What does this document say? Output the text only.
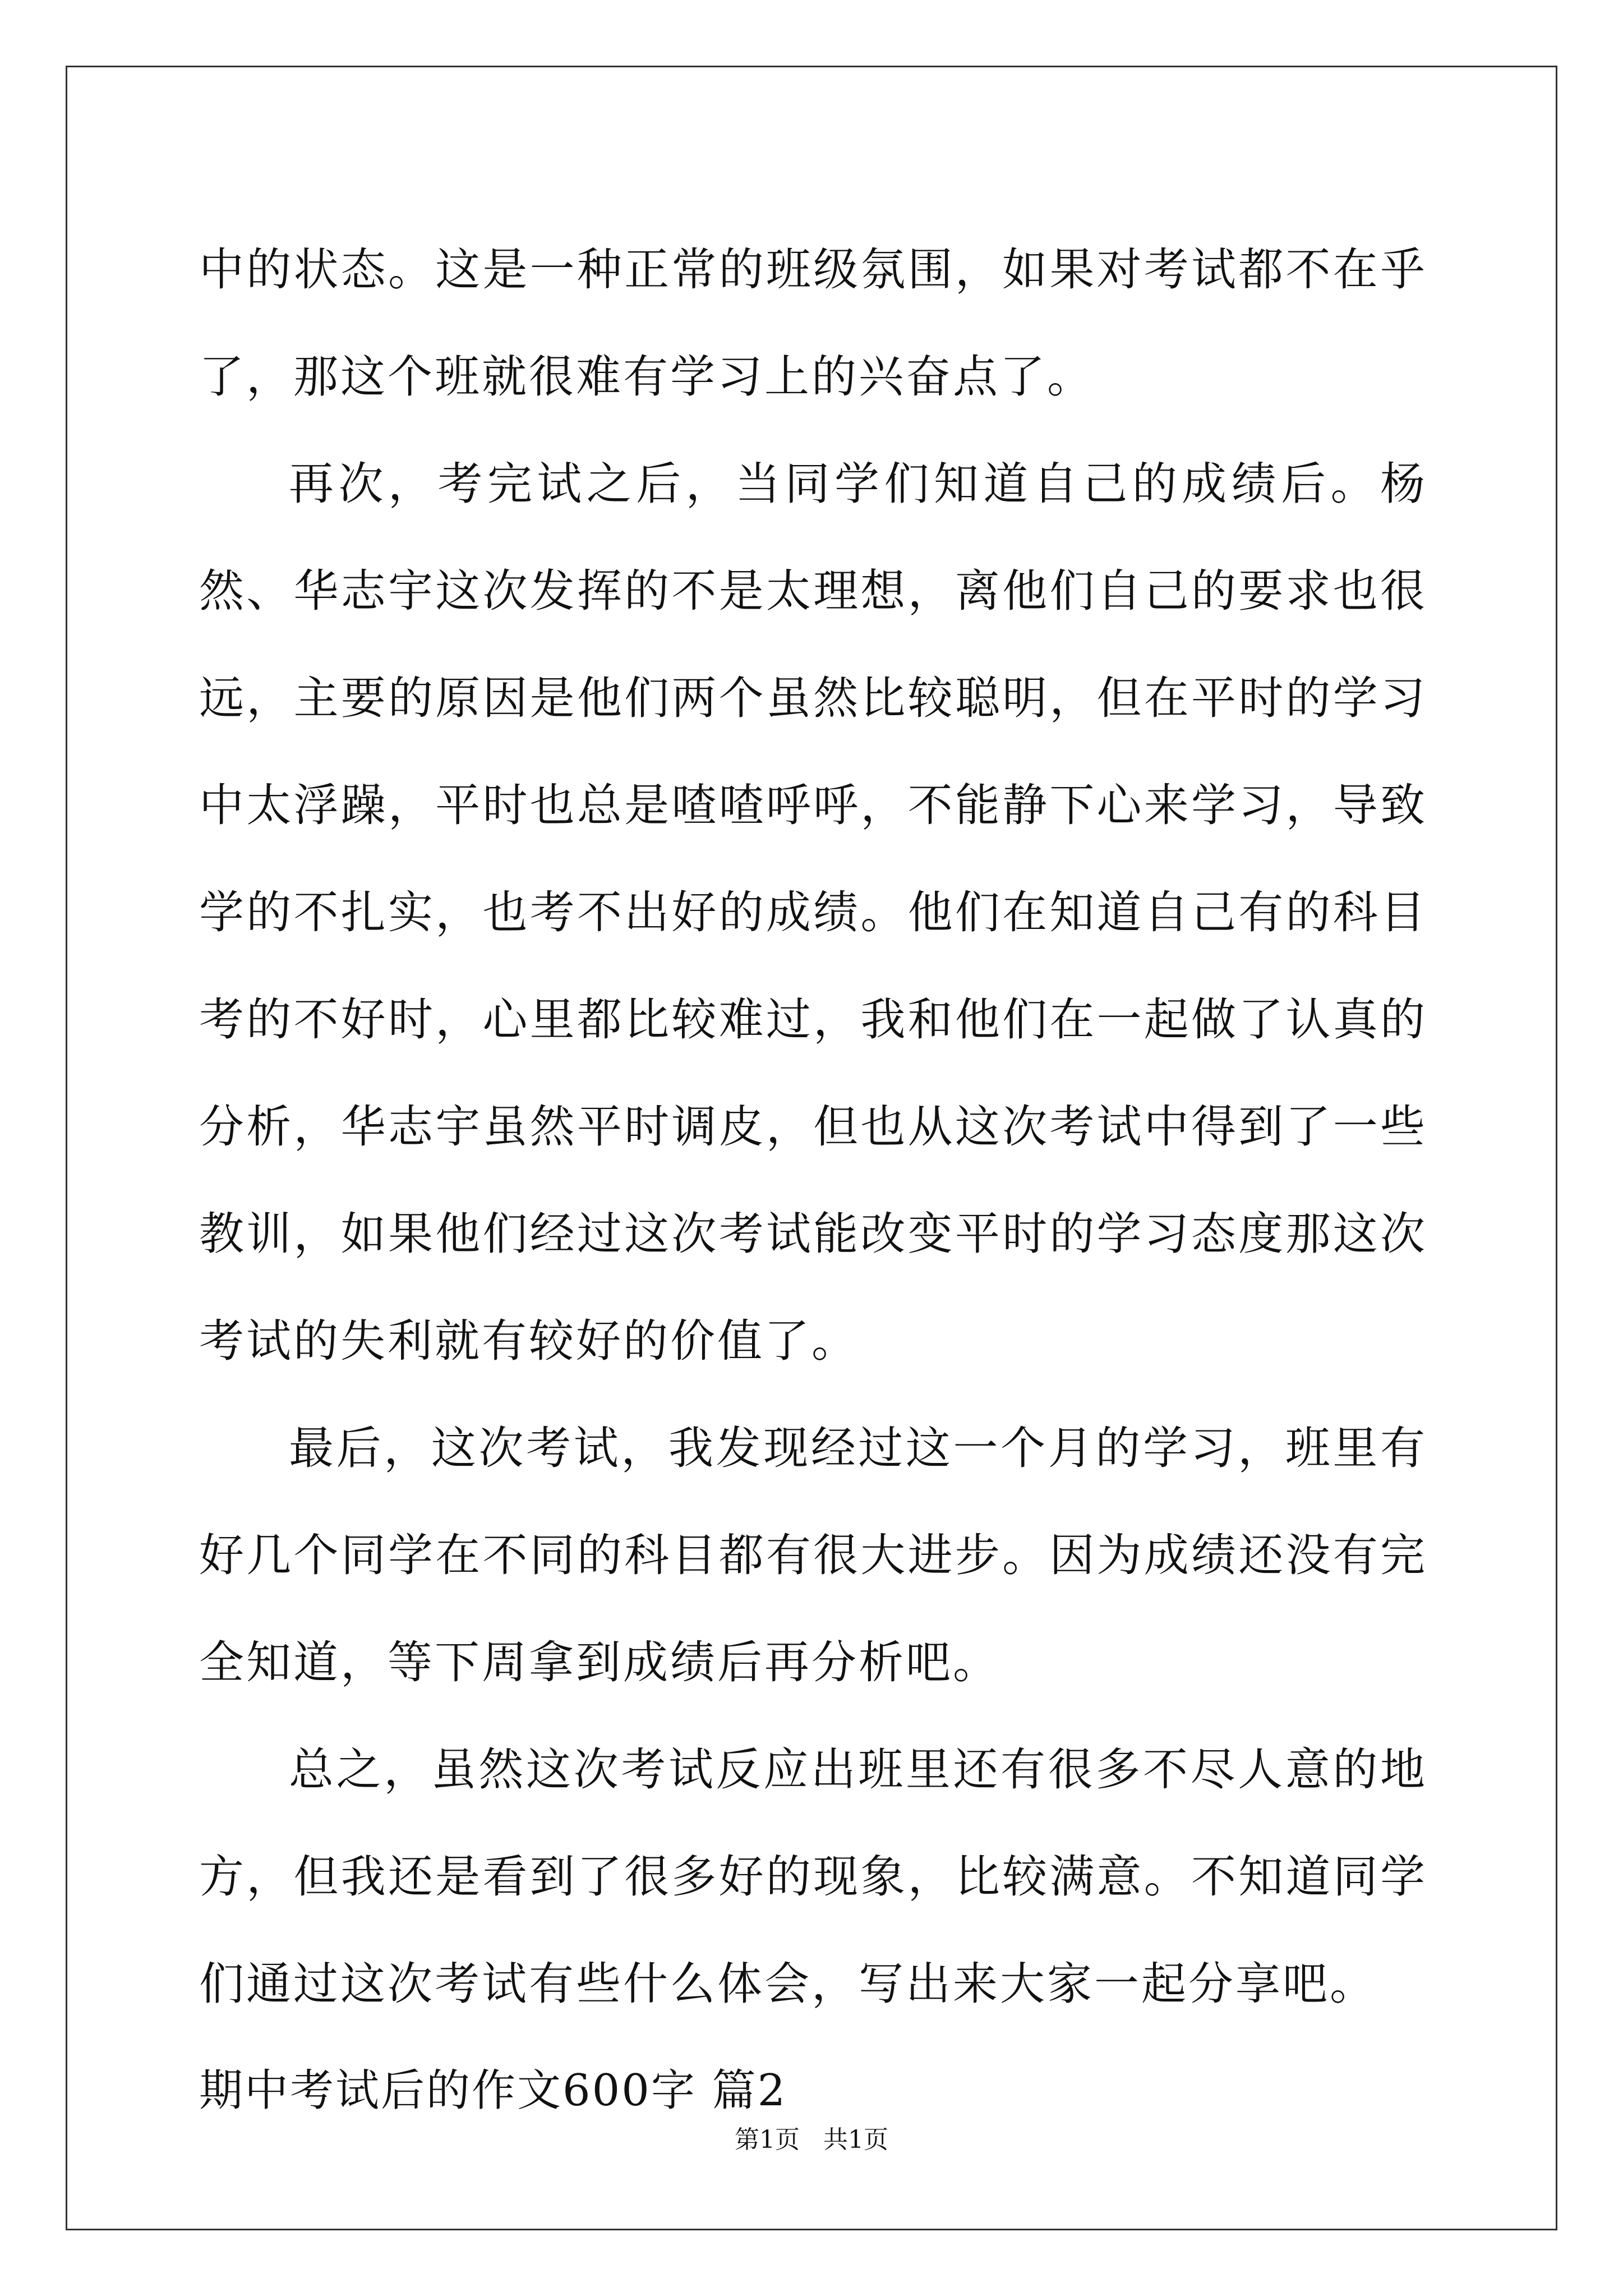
中的状态。这是一种正常的班级氛围，如果对考试都不在乎了，那这个班就很难有学习上的兴奋点了。

再次，考完试之后，当同学们知道自己的成绩后。杨然、华志宇这次发挥的不是太理想，离他们自己的要求也很远，主要的原因是他们两个虽然比较聪明，但在平时的学习中太浮躁，平时也总是喳喳呼呼，不能静下心来学习，导致学的不扎实，也考不出好的成绩。他们在知道自己有的科目考的不好时，心里都比较难过，我和他们在一起做了认真的分析，华志宇虽然平时调皮，但也从这次考试中得到了一些教训，如果他们经过这次考试能改变平时的学习态度那这次考试的失利就有较好的价值了。

最后，这次考试，我发现经过这一个月的学习，班里有好几个同学在不同的科目都有很大进步。因为成绩还没有完全知道，等下周拿到成绩后再分析吧。

总之，虽然这次考试反应出班里还有很多不尽人意的地方，但我还是看到了很多好的现象，比较满意。不知道同学们通过这次考试有些什么体会，写出来大家一起分享吧。

期中考试后的作文600字 篇2

第1页 共1页
